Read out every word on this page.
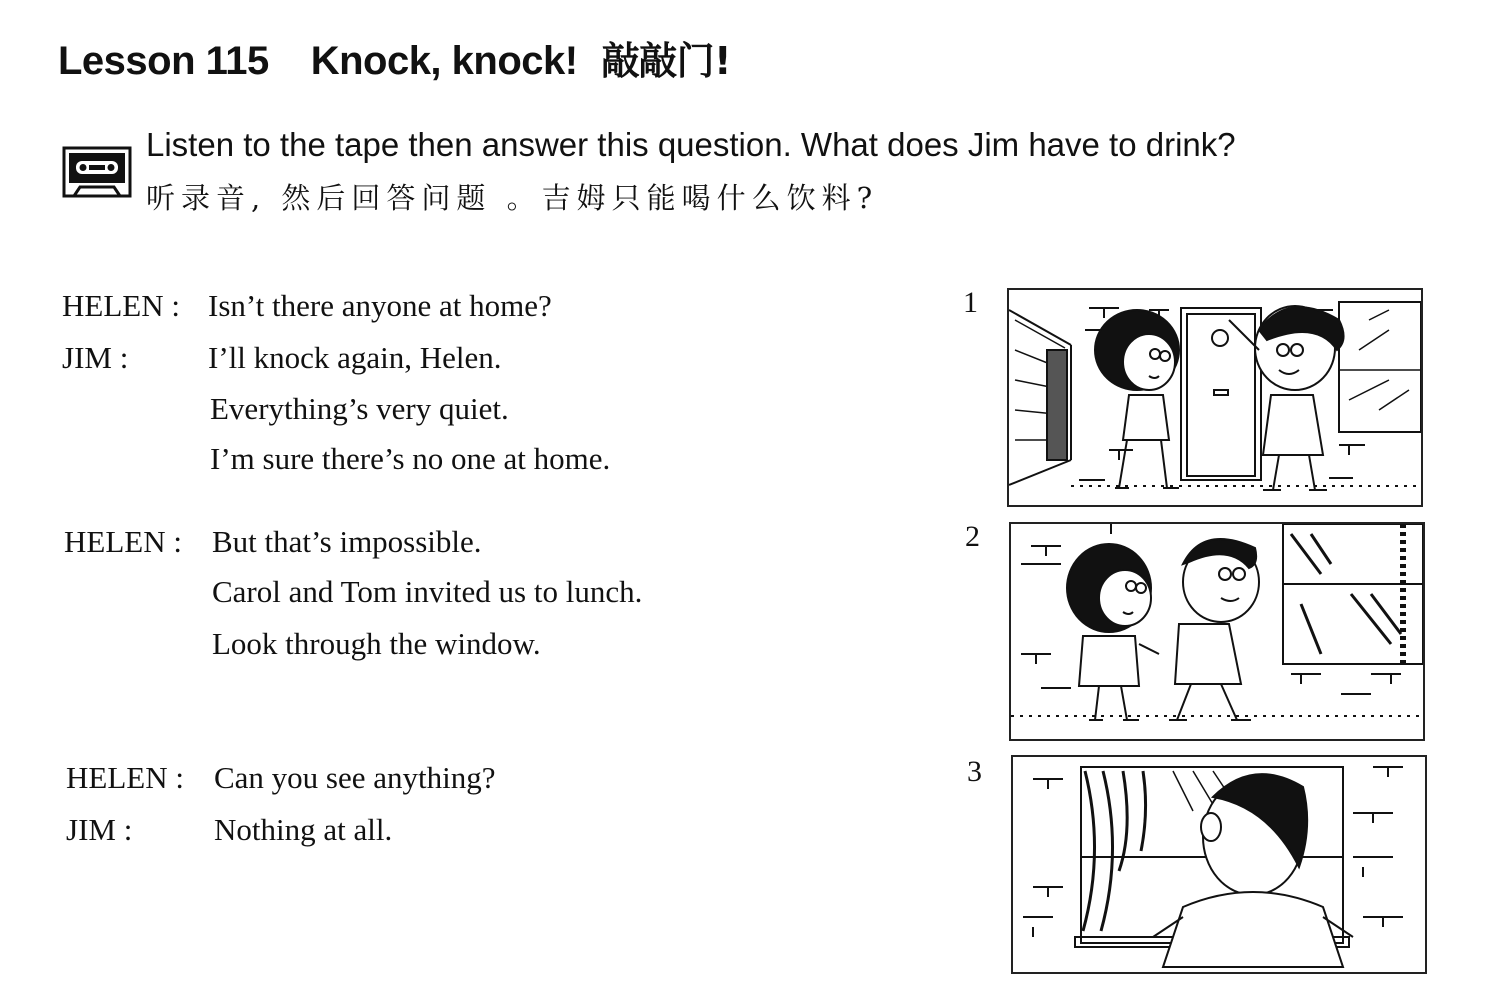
Lesson 115 Knock, knock! 敲敲门!
Listen to the tape then answer this question. What does Jim have to drink?
听录音, 然后回答问题 。吉姆只能喝什么饮料?
HELEN : Isn’t there anyone at home?
JIM :	I’ll knock again, Helen.
Everything’s very quiet.
I’m sure there’s no one at home.
HELEN : But that’s impossible.
Carol and Tom invited us to lunch.
Look through the window.
HELEN : Can you see anything?
JIM :	Nothing at all.
1
2
3
